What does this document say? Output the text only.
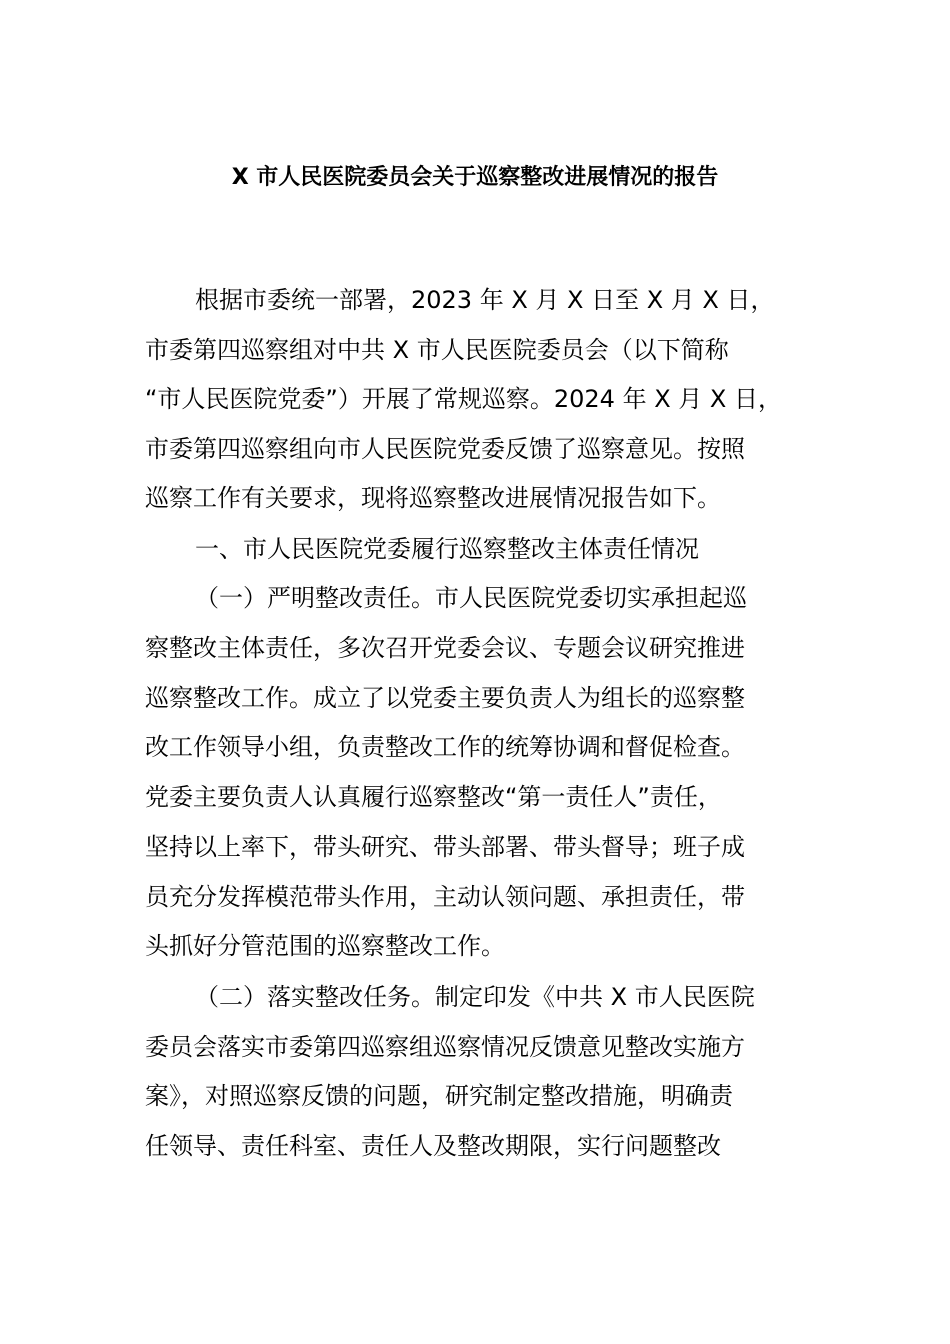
X 市人民医院委员会关于巡察整改进展情况的报告
根据市委统一部署，2023 年 X 月 X 日至 X 月 X 日，
市委第四巡察组对中共 X 市人民医院委员会（以下简称
“市人民医院党委”）开展了常规巡察。2024 年 X 月 X 日，
市委第四巡察组向市人民医院党委反馈了巡察意见。按照
巡察工作有关要求，现将巡察整改进展情况报告如下。
一、市人民医院党委履行巡察整改主体责任情况
（一）严明整改责任。市人民医院党委切实承担起巡
察整改主体责任，多次召开党委会议、专题会议研究推进
巡察整改工作。成立了以党委主要负责人为组长的巡察整
改工作领导小组，负责整改工作的统筹协调和督促检查。
党委主要负责人认真履行巡察整改“第一责任人”责任，
坚持以上率下，带头研究、带头部署、带头督导；班子成
员充分发挥模范带头作用，主动认领问题、承担责任，带
头抓好分管范围的巡察整改工作。
（二）落实整改任务。制定印发《中共 X 市人民医院
委员会落实市委第四巡察组巡察情况反馈意见整改实施方
案》，对照巡察反馈的问题，研究制定整改措施，明确责
任领导、责任科室、责任人及整改期限，实行问题整改
